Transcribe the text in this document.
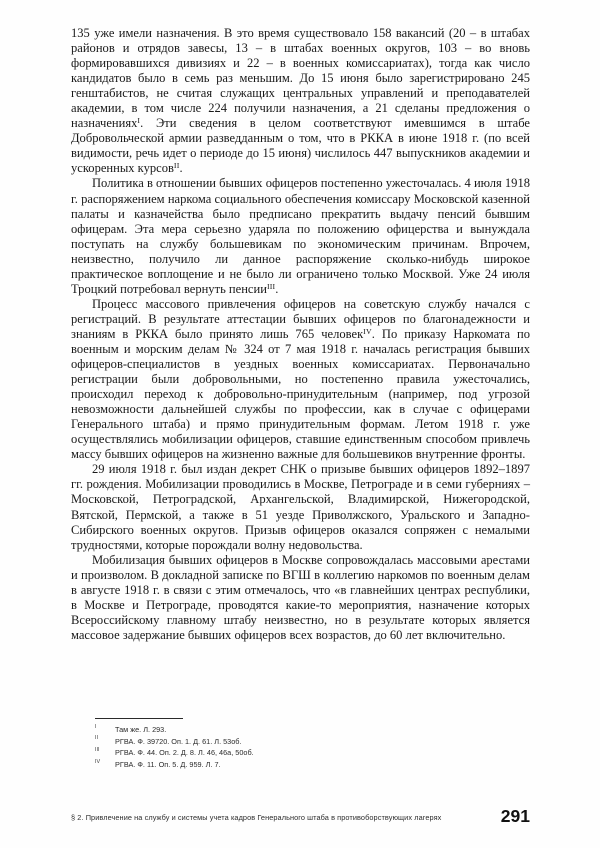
135 уже имели назначения. В это время существовало 158 вакансий (20 – в штабах районов и отрядов завесы, 13 – в штабах военных округов, 103 – во вновь формировавшихся дивизиях и 22 – в военных комиссариатах), тогда как число кандидатов было в семь раз меньшим. До 15 июня было зарегистрировано 245 генштабистов, не считая служащих центральных управлений и преподавателей академии, в том числе 224 получили назначения, а 21 сделаны предложения о назначениях$^I$. Эти сведения в целом соответствуют имевшимся в штабе Добровольческой армии разведданным о том, что в РККА в июне 1918 г. (по всей видимости, речь идет о периоде до 15 июня) числилось 447 выпускников академии и ускоренных курсов$^{II}$.

Политика в отношении бывших офицеров постепенно ужесточалась. 4 июля 1918 г. распоряжением наркома социального обеспечения комиссару Московской казенной палаты и казначейства было предписано прекратить выдачу пенсий бывшим офицерам. Эта мера серьезно ударяла по положению офицерства и вынуждала поступать на службу большевикам по экономическим причинам. Впрочем, неизвестно, получило ли данное распоряжение сколько-нибудь широкое практическое воплощение и не было ли ограничено только Москвой. Уже 24 июля Троцкий потребовал вернуть пенсии$^{III}$.

Процесс массового привлечения офицеров на советскую службу начался с регистраций. В результате аттестации бывших офицеров по благонадежности и знаниям в РККА было принято лишь 765 человек$^{IV}$. По приказу Наркомата по военным и морским делам № 324 от 7 мая 1918 г. началась регистрация бывших офицеров-специалистов в уездных военных комиссариатах. Первоначально регистрации были добровольными, но постепенно правила ужесточались, происходил переход к добровольно-принудительным (например, под угрозой невозможности дальнейшей службы по профессии, как в случае с офицерами Генерального штаба) и прямо принудительным формам. Летом 1918 г. уже осуществлялись мобилизации офицеров, ставшие единственным способом привлечь массу бывших офицеров на жизненно важные для большевиков внутренние фронты.

29 июля 1918 г. был издан декрет СНК о призыве бывших офицеров 1892–1897 гг. рождения. Мобилизации проводились в Москве, Петрограде и в семи губерниях – Московской, Петроградской, Архангельской, Владимирской, Нижегородской, Вятской, Пермской, а также в 51 уезде Приволжского, Уральского и Западно-Сибирского военных округов. Призыв офицеров оказался сопряжен с немалыми трудностями, которые порождали волну недовольства.

Мобилизация бывших офицеров в Москве сопровождалась массовыми арестами и произволом. В докладной записке по ВГШ в коллегию наркомов по военным делам в августе 1918 г. в связи с этим отмечалось, что «в главнейших центрах республики, в Москве и Петрограде, проводятся какие-то мероприятия, назначение которых Всероссийскому главному штабу неизвестно, но в результате которых является массовое задержание бывших офицеров всех возрастов, до 60 лет включительно.

I	Там же. Л. 293.
II РГВА. Ф. 39720. Оп. 1. Д. 61. Л. 53об.
III РГВА. Ф. 44. Оп. 2. Д. 8. Л. 46, 46а, 50об.
IV РГВА. Ф. 11. Оп. 5. Д. 959. Л. 7.
§ 2. Привлечение на службу и системы учета кадров Генерального штаба в противоборствующих лагерях	291
